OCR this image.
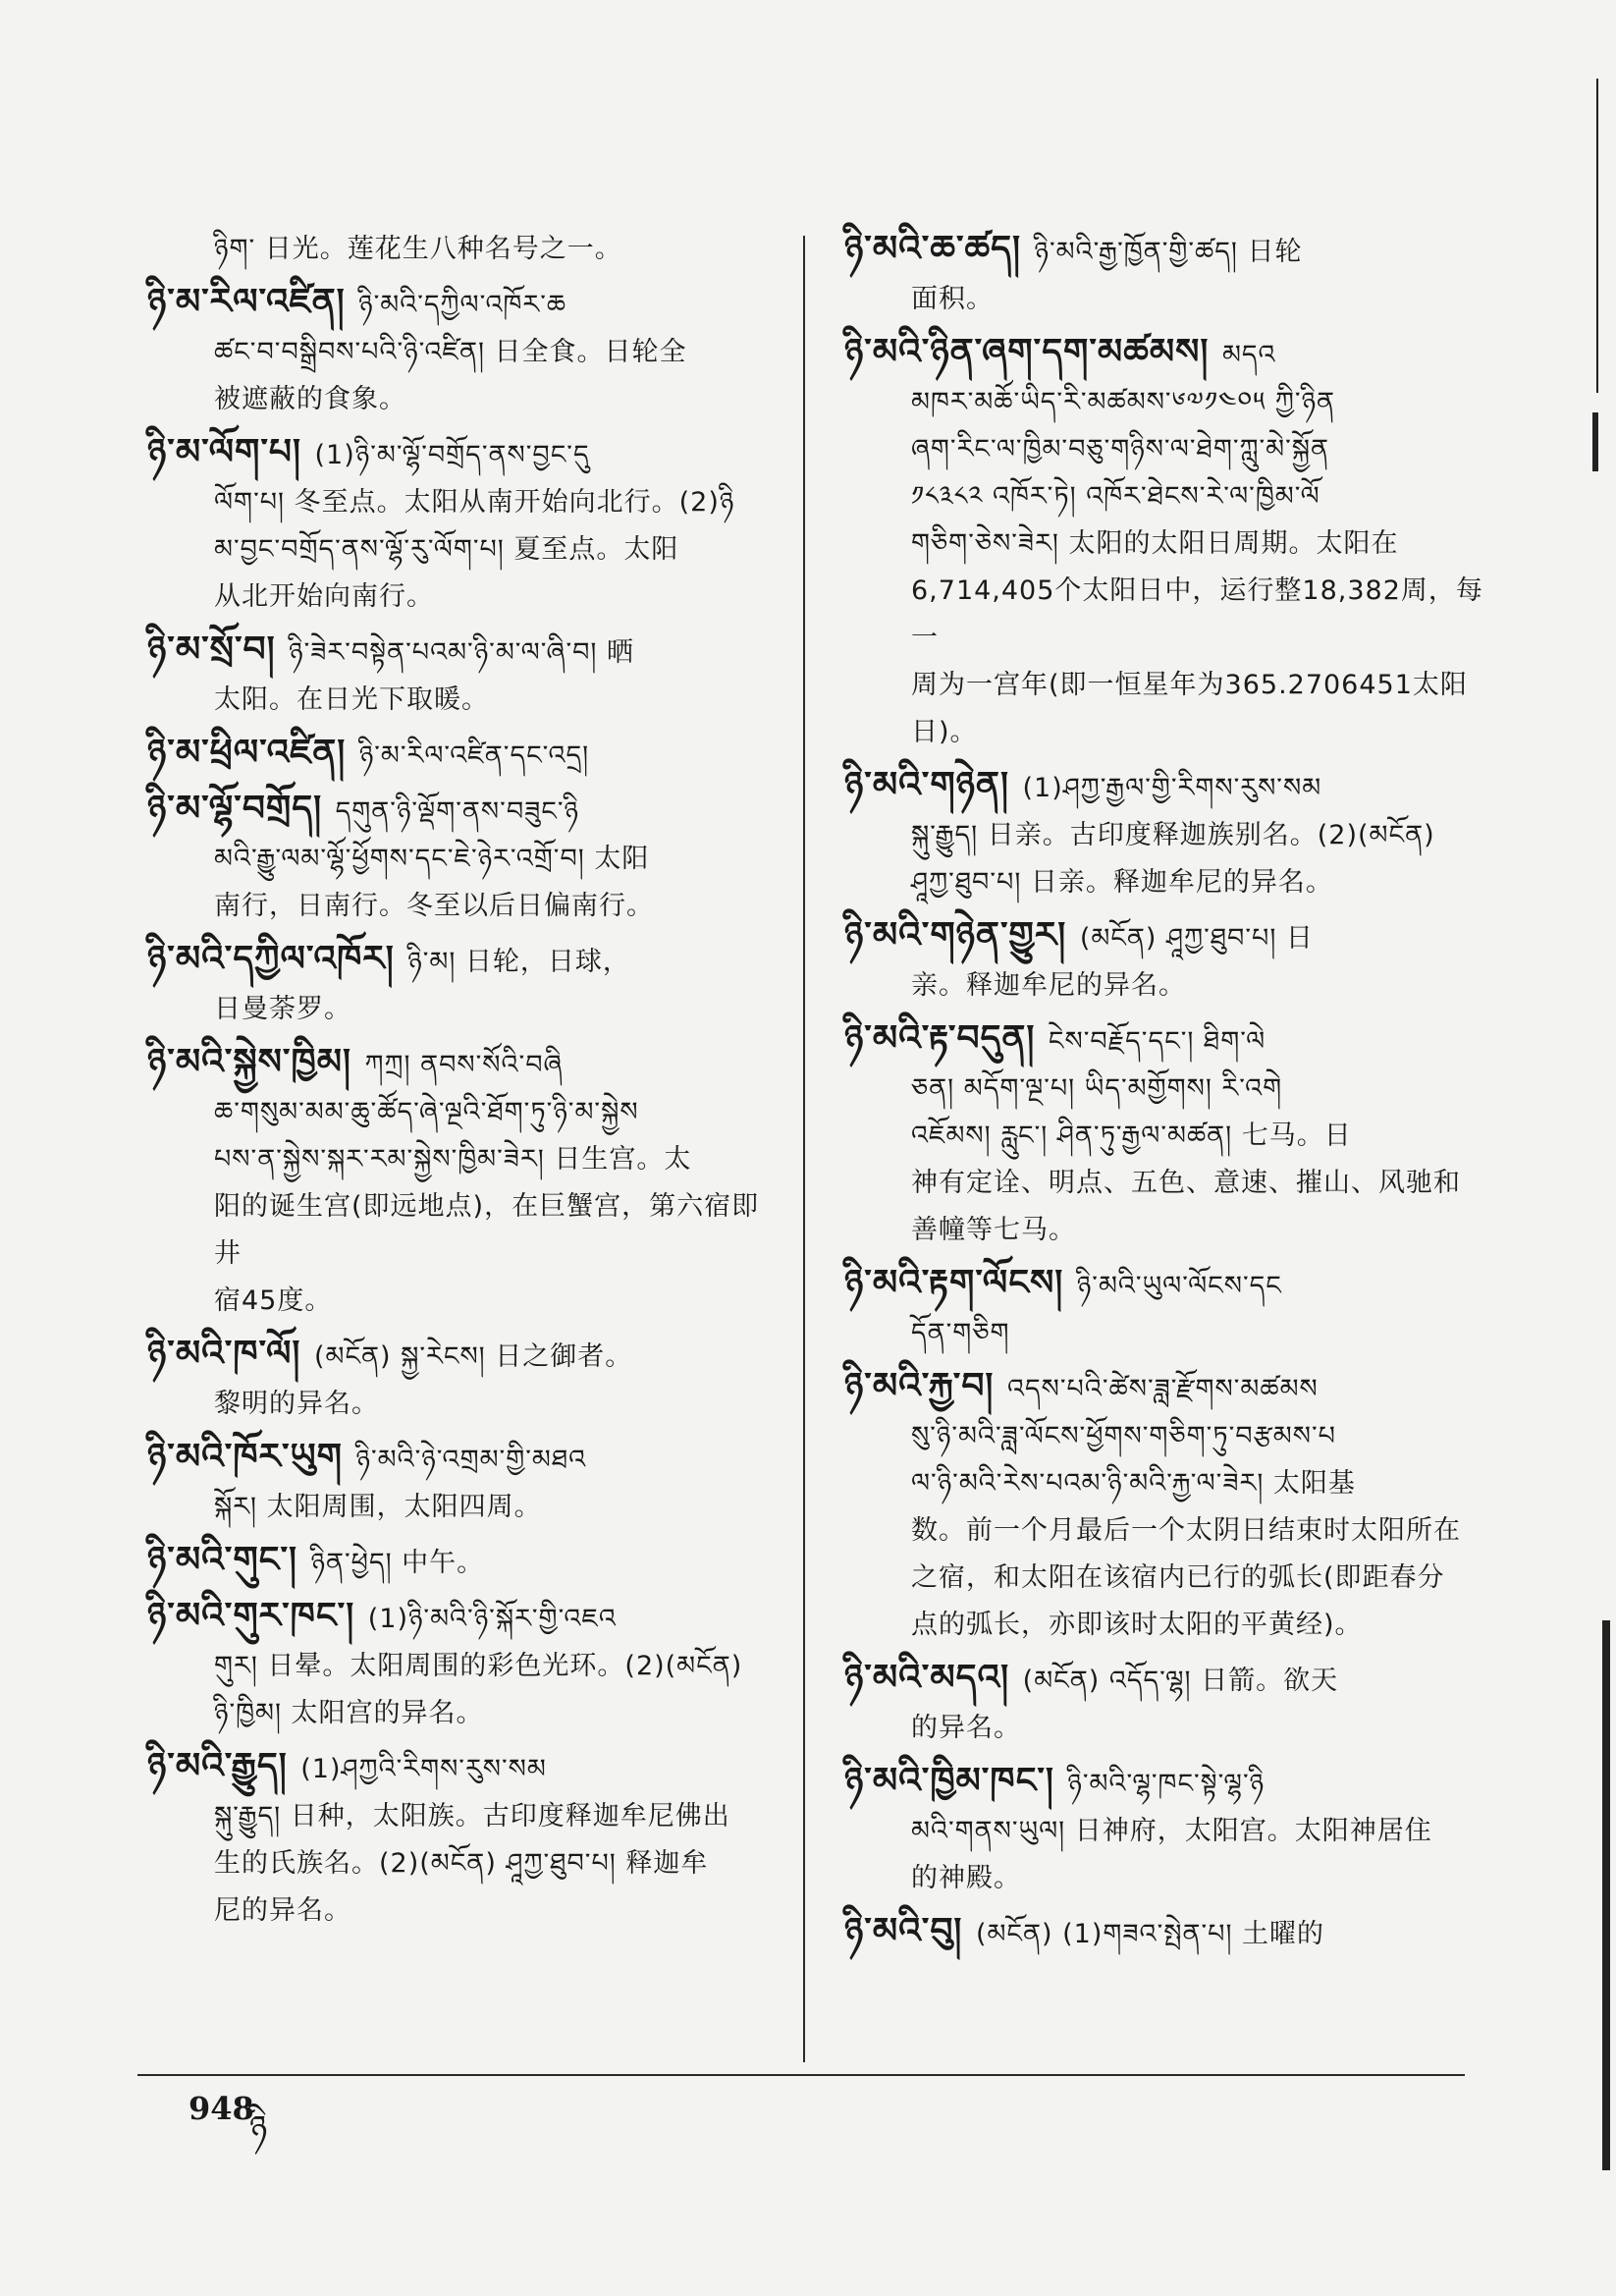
ཉིག་ 日光。莲花生八种名号之一。
ཉི་མ་རིལ་འཛིན། ཉི་མའི་དཀྱིལ་འཁོར་ཆ
ཚང་བ་བསྒྲིབས་པའི་ཉི་འཛིན། 日全食。日轮全
被遮蔽的食象。
ཉི་མ་ལོག་པ། (1)ཉི་མ་ལྷོ་བགྲོད་ནས་བྱང་དུ
ལོག་པ། 冬至点。太阳从南开始向北行。(2)ཉི
མ་བྱང་བགྲོད་ནས་ལྷོ་རུ་ལོག་པ། 夏至点。太阳
从北开始向南行。
ཉི་མ་སྲོ་བ། ཉི་ཟེར་བསྟེན་པའམ་ཉི་མ་ལ་ཞི་བ། 晒
太阳。在日光下取暖。
ཉི་མ་ཕྲིལ་འཛིན། ཉི་མ་རིལ་འཛིན་དང་འདྲ།
ཉི་མ་ལྷོ་བགྲོད། དགུན་ཉི་ལྡོག་ནས་བཟུང་ཉི
མའི་རྒྱུ་ལམ་ལྷོ་ཕྱོགས་དང་ཇེ་ཉེར་འགྲོ་བ། 太阳
南行，日南行。冬至以后日偏南行。
ཉི་མའི་དཀྱིལ་འཁོར། ཉི་མ། 日轮，日球，
日曼荼罗。
ཉི་མའི་སྐྱེས་ཁྱིམ། ཀཀྲ། ནབས་སོའི་བཞི
ཆ་གསུམ་མམ་ཆུ་ཚོད་ཞེ་ལྔའི་ཐོག་ཏུ་ཉི་མ་སྐྱེས
པས་ན་སྐྱེས་སྐར་རམ་སྐྱེས་ཁྱིམ་ཟེར། 日生宫。太
阳的诞生宫(即远地点)，在巨蟹宫，第六宿即井
宿45度。
ཉི་མའི་ཁ་ལོ། (མངོན) སྐྱ་རེངས། 日之御者。
黎明的异名。
ཉི་མའི་ཁོར་ཡུག ཉི་མའི་ཉེ་འགྲམ་གྱི་མཐའ
སྐོར། 太阳周围，太阳四周。
ཉི་མའི་གུང་། ཉིན་ཕྱེད། 中午。
ཉི་མའི་གུར་ཁང་། (1)ཉི་མའི་ཉི་སྐོར་གྱི་འཇའ
གུར། 日晕。太阳周围的彩色光环。(2)(མངོན)
ཉི་ཁྱིམ། 太阳宫的异名。
ཉི་མའི་རྒྱུད། (1)ཤཀྱའི་རིགས་རུས་སམ
སྐུ་རྒྱུད། 日种，太阳族。古印度释迦牟尼佛出
生的氏族名。(2)(མངོན) ཤཱཀྱ་ཐུབ་པ། 释迦牟
尼的异名。
ཉི་མའི་ཆ་ཚད། ཉི་མའི་རྒྱ་ཁྱོན་གྱི་ཚད། 日轮
面积。
ཉི་མའི་ཉིན་ཞག་དག་མཚམས། མདའ
མཁར་མཆོ་ཡིད་རི་མཚམས་༦༧༡༤༠༥ ཀྱི་ཉིན
ཞག་རིང་ལ་ཁྱིམ་བཅུ་གཉིས་ལ་ཐེག་ཀླུ་མེ་སྐྱོན
༡༨༣༨༢ འཁོར་ཏེ། འཁོར་ཐེངས་རེ་ལ་ཁྱིམ་ལོ
གཅིག་ཅེས་ཟེར། 太阳的太阳日周期。太阳在
6,714,405个太阳日中，运行整18,382周，每一
周为一宫年(即一恒星年为365.2706451太阳日)。
ཉི་མའི་གཉེན། (1)ཤཀྱ་རྒྱལ་གྱི་རིགས་རུས་སམ
སྐུ་རྒྱུད། 日亲。古印度释迦族别名。(2)(མངོན)
ཤཱཀྱ་ཐུབ་པ། 日亲。释迦牟尼的异名。
ཉི་མའི་གཉེན་གྱུར། (མངོན) ཤཱཀྱ་ཐུབ་པ། 日
亲。释迦牟尼的异名。
ཉི་མའི་རྟ་བདུན། ངེས་བརྗོད་དང་། ཐིག་ལེ
ཅན། མདོག་ལྔ་པ། ཡིད་མགྱོགས། རི་འགེ
འཇོམས། རླུང་། ཤིན་ཏུ་རྒྱལ་མཚན། 七马。日
神有定诠、明点、五色、意速、摧山、风驰和
善幢等七马。
ཉི་མའི་རྟག་ལོངས། ཉི་མའི་ཡུལ་ལོངས་དང
དོན་གཅིག
ཉི་མའི་རྐྱ་བ། འདས་པའི་ཚེས་ཟླ་རྫོགས་མཚམས
སུ་ཉི་མའི་ཟླ་ལོངས་ཕྱོགས་གཅིག་ཏུ་བརྩམས་པ
ལ་ཉི་མའི་རེས་པའམ་ཉི་མའི་རྐྱ་ལ་ཟེར། 太阳基
数。前一个月最后一个太阴日结束时太阳所在
之宿，和太阳在该宿内已行的弧长(即距春分
点的弧长，亦即该时太阳的平黄经)。
ཉི་མའི་མདའ། (མངོན) འདོད་ལྷ། 日箭。欲天
的异名。
ཉི་མའི་ཁྱིམ་ཁང་། ཉི་མའི་ལྷ་ཁང་སྟེ་ལྷ་ཉི
མའི་གནས་ཡུལ། 日神府，太阳宫。太阳神居住
的神殿。
ཉི་མའི་བུ། (མངོན) (1)གཟའ་སྤེན་པ། 土曜的
948
ཉི
